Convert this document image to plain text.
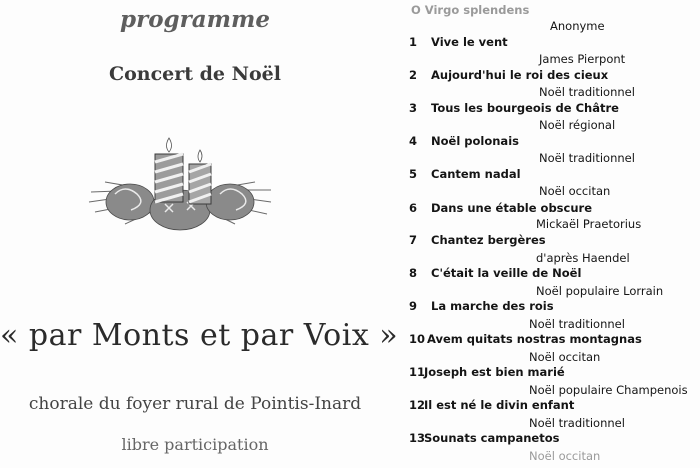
programme
Concert de Noël
« par Monts et par Voix »
chorale du foyer rural de Pointis-Inard
libre participation
O Virgo splendens
Anonyme
1 Vive le vent
James Pierpont
2 Aujourd'hui le roi des cieux
Noël traditionnel
3 Tous les bourgeois de Châtre
Noël régional
4 Noël polonais
Noël traditionnel
5 Cantem nadal
Noël occitan
6 Dans une étable obscure
Mickaël Praetorius
7 Chantez bergères
d'après Haendel
8 C'était la veille de Noël
Noël populaire Lorrain
9 La marche des rois
Noël traditionnel
10 Avem quitats nostras montagnas
Noël occitan
11
Joseph est bien marié
Noël populaire Champenois
12
Il est né le divin enfant
Noël traditionnel
13
Sounats campanetos
Noël occitan
